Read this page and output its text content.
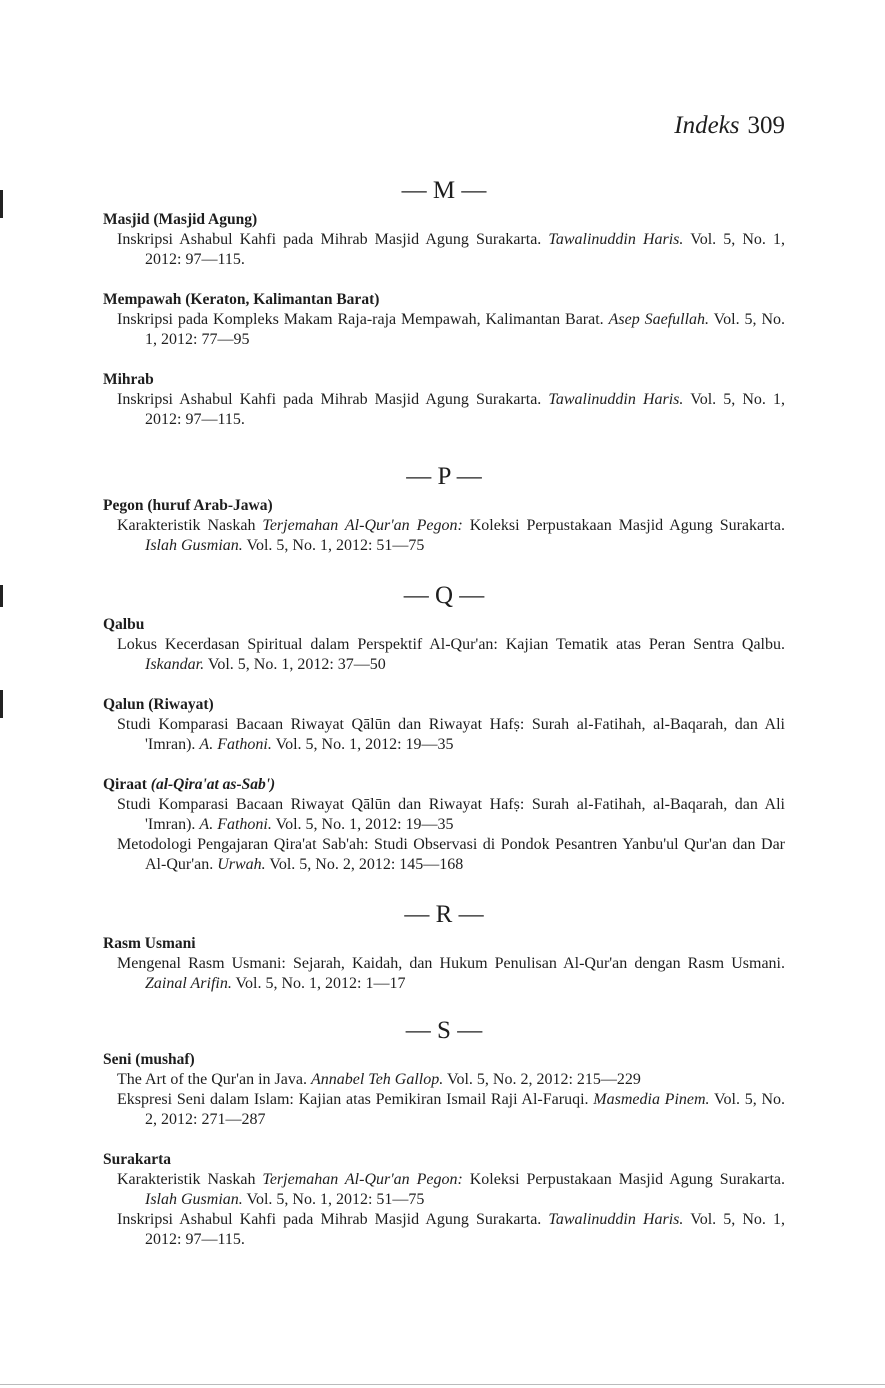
Indeks 309
— M —
Masjid (Masjid Agung)
Inskripsi Ashabul Kahfi pada Mihrab Masjid Agung Surakarta. Tawalinuddin Haris. Vol. 5, No. 1, 2012: 97—115.
Mempawah (Keraton, Kalimantan Barat)
Inskripsi pada Kompleks Makam Raja-raja Mempawah, Kalimantan Barat. Asep Saefullah. Vol. 5, No. 1, 2012: 77—95
Mihrab
Inskripsi Ashabul Kahfi pada Mihrab Masjid Agung Surakarta. Tawalinuddin Haris. Vol. 5, No. 1, 2012: 97—115.
— P —
Pegon (huruf Arab-Jawa)
Karakteristik Naskah Terjemahan Al-Qur'an Pegon: Koleksi Perpustakaan Masjid Agung Surakarta. Islah Gusmian. Vol. 5, No. 1, 2012: 51—75
— Q —
Qalbu
Lokus Kecerdasan Spiritual dalam Perspektif Al-Qur'an: Kajian Tematik atas Peran Sentra Qalbu. Iskandar. Vol. 5, No. 1, 2012: 37—50
Qalun (Riwayat)
Studi Komparasi Bacaan Riwayat Qālūn dan Riwayat Hafṣ: Surah al-Fatihah, al-Baqarah, dan Ali 'Imran). A. Fathoni. Vol. 5, No. 1, 2012: 19—35
Qiraat (al-Qira'at as-Sab')
Studi Komparasi Bacaan Riwayat Qālūn dan Riwayat Hafṣ: Surah al-Fatihah, al-Baqarah, dan Ali 'Imran). A. Fathoni. Vol. 5, No. 1, 2012: 19—35
Metodologi Pengajaran Qira'at Sab'ah: Studi Observasi di Pondok Pesantren Yanbu'ul Qur'an dan Dar Al-Qur'an. Urwah. Vol. 5, No. 2, 2012: 145—168
— R —
Rasm Usmani
Mengenal Rasm Usmani: Sejarah, Kaidah, dan Hukum Penulisan Al-Qur'an dengan Rasm Usmani. Zainal Arifin. Vol. 5, No. 1, 2012: 1—17
— S —
Seni (mushaf)
The Art of the Qur'an in Java. Annabel Teh Gallop. Vol. 5, No. 2, 2012: 215—229
Ekspresi Seni dalam Islam: Kajian atas Pemikiran Ismail Raji Al-Faruqi. Masmedia Pinem. Vol. 5, No. 2, 2012: 271—287
Surakarta
Karakteristik Naskah Terjemahan Al-Qur'an Pegon: Koleksi Perpustakaan Masjid Agung Surakarta. Islah Gusmian. Vol. 5, No. 1, 2012: 51—75
Inskripsi Ashabul Kahfi pada Mihrab Masjid Agung Surakarta. Tawalinuddin Haris. Vol. 5, No. 1, 2012: 97—115.
